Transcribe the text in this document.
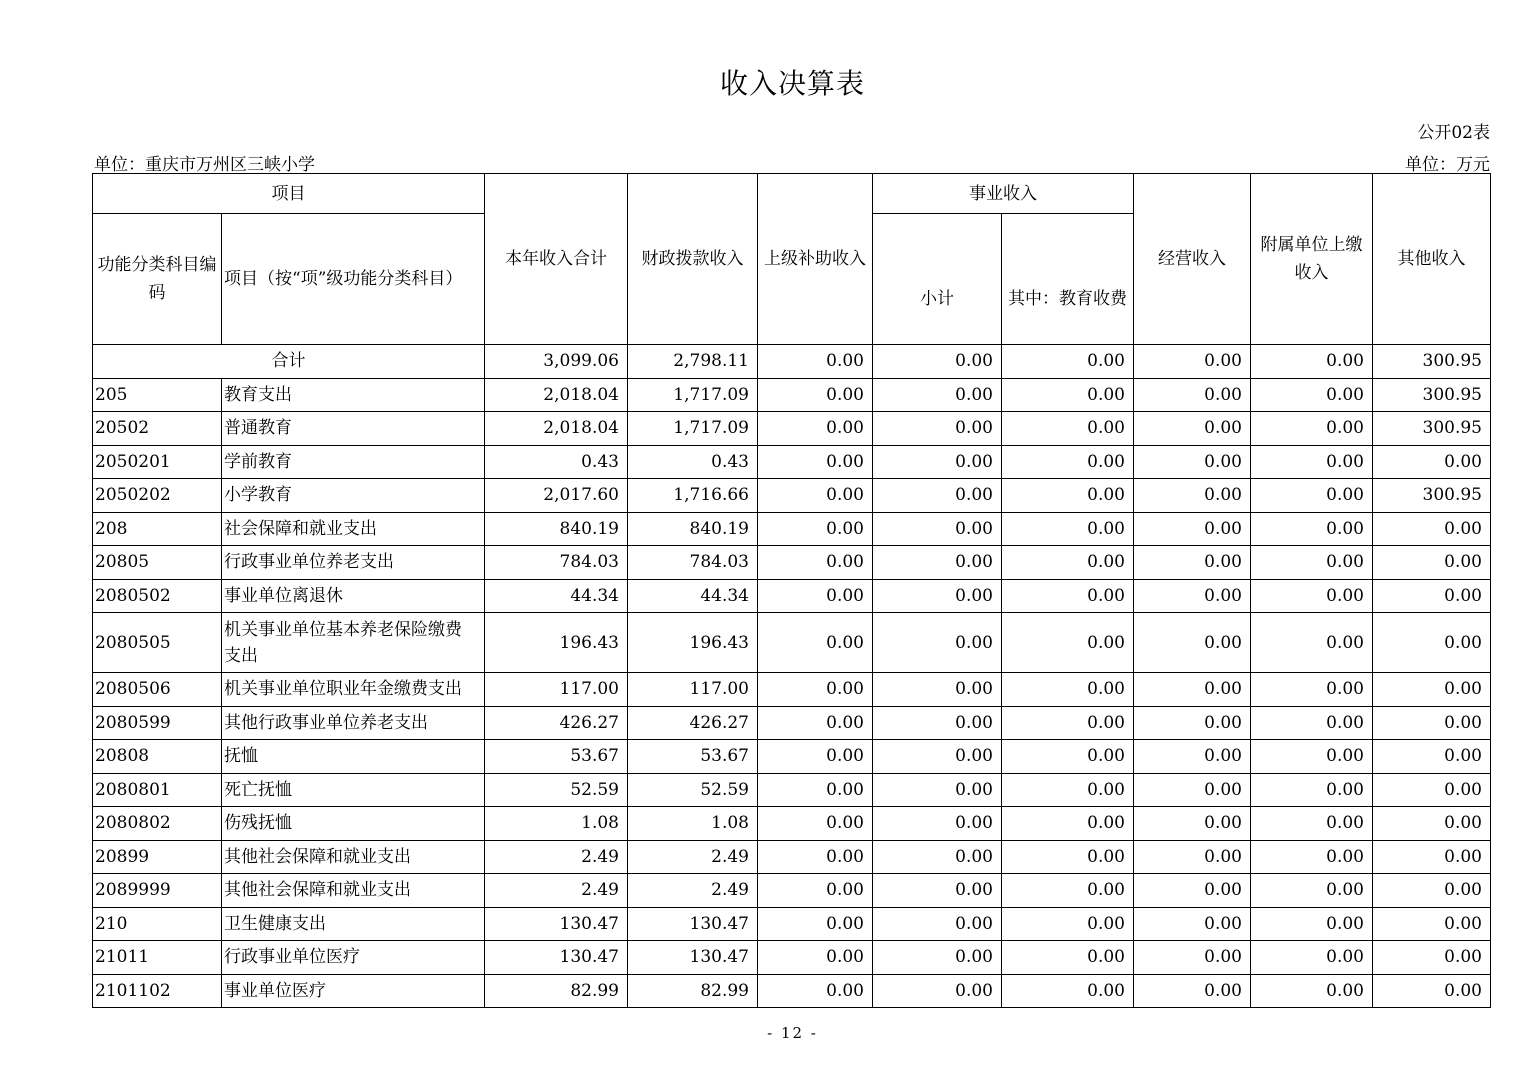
收入决算表
公开02表
单位：重庆市万州区三峡小学	单位：万元
项目		本年收入合计	财政拨款收入	上级补助收入	事业收入		经营收入	附属单位上缴收入	其他收入
功能分类科目编码	项目（按“项”级功能分类科目）				小计	其中：教育收费			
合计		3,099.06	2,798.11	0.00	0.00	0.00	0.00	0.00	300.95
205	教育支出	2,018.04	1,717.09	0.00	0.00	0.00	0.00	0.00	300.95
20502	普通教育	2,018.04	1,717.09	0.00	0.00	0.00	0.00	0.00	300.95
2050201	学前教育	0.43	0.43	0.00	0.00	0.00	0.00	0.00	0.00
2050202	小学教育	2,017.60	1,716.66	0.00	0.00	0.00	0.00	0.00	300.95
208	社会保障和就业支出	840.19	840.19	0.00	0.00	0.00	0.00	0.00	0.00
20805	行政事业单位养老支出	784.03	784.03	0.00	0.00	0.00	0.00	0.00	0.00
2080502	事业单位离退休	44.34	44.34	0.00	0.00	0.00	0.00	0.00	0.00
2080505	机关事业单位基本养老保险缴费支出	196.43	196.43	0.00	0.00	0.00	0.00	0.00	0.00
2080506	机关事业单位职业年金缴费支出	117.00	117.00	0.00	0.00	0.00	0.00	0.00	0.00
2080599	其他行政事业单位养老支出	426.27	426.27	0.00	0.00	0.00	0.00	0.00	0.00
20808	抚恤	53.67	53.67	0.00	0.00	0.00	0.00	0.00	0.00
2080801	死亡抚恤	52.59	52.59	0.00	0.00	0.00	0.00	0.00	0.00
2080802	伤残抚恤	1.08	1.08	0.00	0.00	0.00	0.00	0.00	0.00
20899	其他社会保障和就业支出	2.49	2.49	0.00	0.00	0.00	0.00	0.00	0.00
2089999	其他社会保障和就业支出	2.49	2.49	0.00	0.00	0.00	0.00	0.00	0.00
210	卫生健康支出	130.47	130.47	0.00	0.00	0.00	0.00	0.00	0.00
21011	行政事业单位医疗	130.47	130.47	0.00	0.00	0.00	0.00	0.00	0.00
2101102	事业单位医疗	82.99	82.99	0.00	0.00	0.00	0.00	0.00	0.00
- 12 -
